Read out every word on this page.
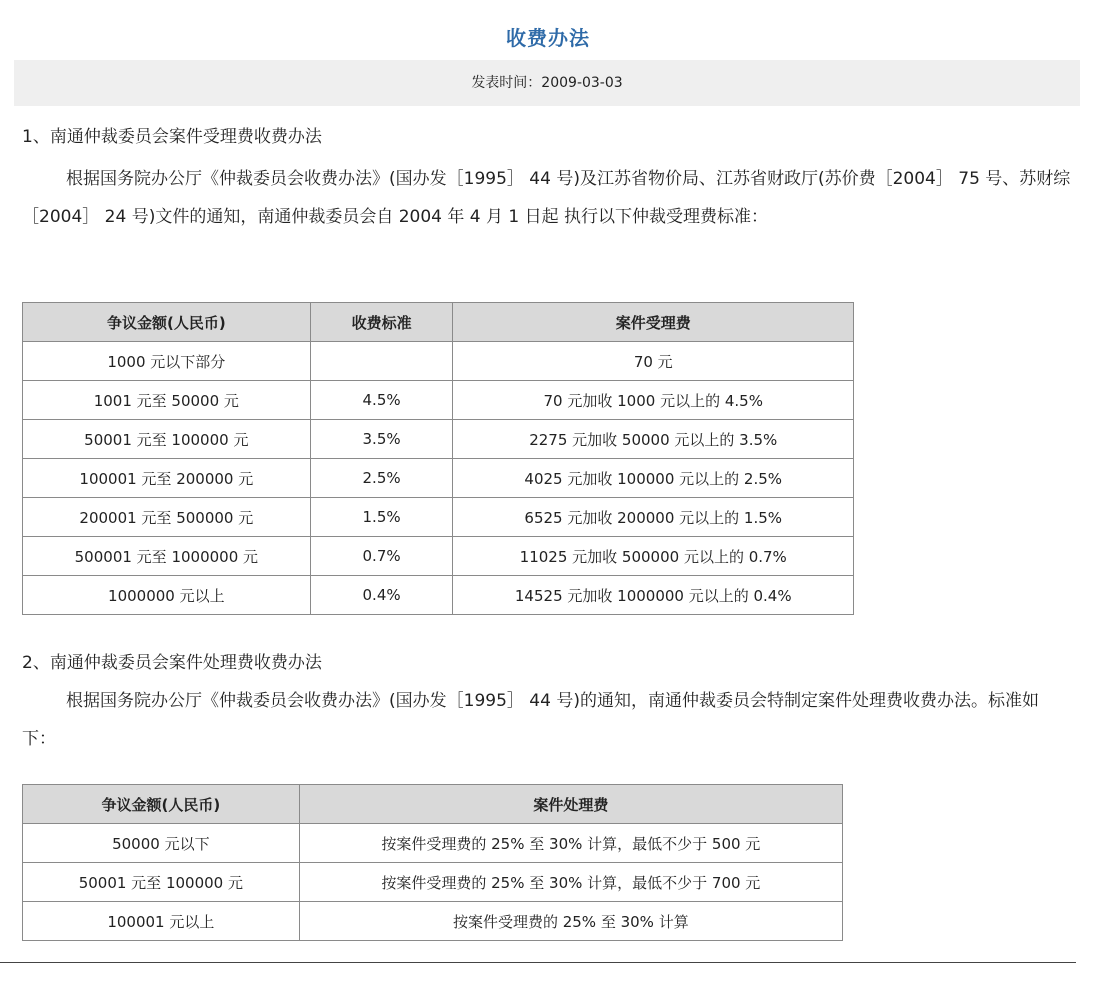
收费办法
发表时间：2009-03-03
1、南通仲裁委员会案件受理费收费办法

根据国务院办公厅《仲裁委员会收费办法》(国办发［1995］ 44 号)及江苏省物价局、江苏省财政厅(苏价费［2004］ 75 号、苏财综［2004］ 24 号)文件的通知，南通仲裁委员会自 2004 年 4 月 1 日起 执行以下仲裁受理费标准：

争议金额(人民币)	收费标准	案件受理费
1000 元以下部分		70 元
1001 元至 50000 元	4.5%	70 元加收 1000 元以上的 4.5%
50001 元至 100000 元	3.5%	2275 元加收 50000 元以上的 3.5%
100001 元至 200000 元	2.5%	4025 元加收 100000 元以上的 2.5%
200001 元至 500000 元	1.5%	6525 元加收 200000 元以上的 1.5%
500001 元至 1000000 元	0.7%	11025 元加收 500000 元以上的 0.7%
1000000 元以上	0.4%	14525 元加收 1000000 元以上的 0.4%
2、南通仲裁委员会案件处理费收费办法

根据国务院办公厅《仲裁委员会收费办法》(国办发［1995］ 44 号)的通知，南通仲裁委员会特制定案件处理费收费办法。标准如下：

争议金额(人民币)	案件处理费
50000 元以下	按案件受理费的 25% 至 30% 计算，最低不少于 500 元
50001 元至 100000 元	按案件受理费的 25% 至 30% 计算，最低不少于 700 元
100001 元以上	按案件受理费的 25% 至 30% 计算
